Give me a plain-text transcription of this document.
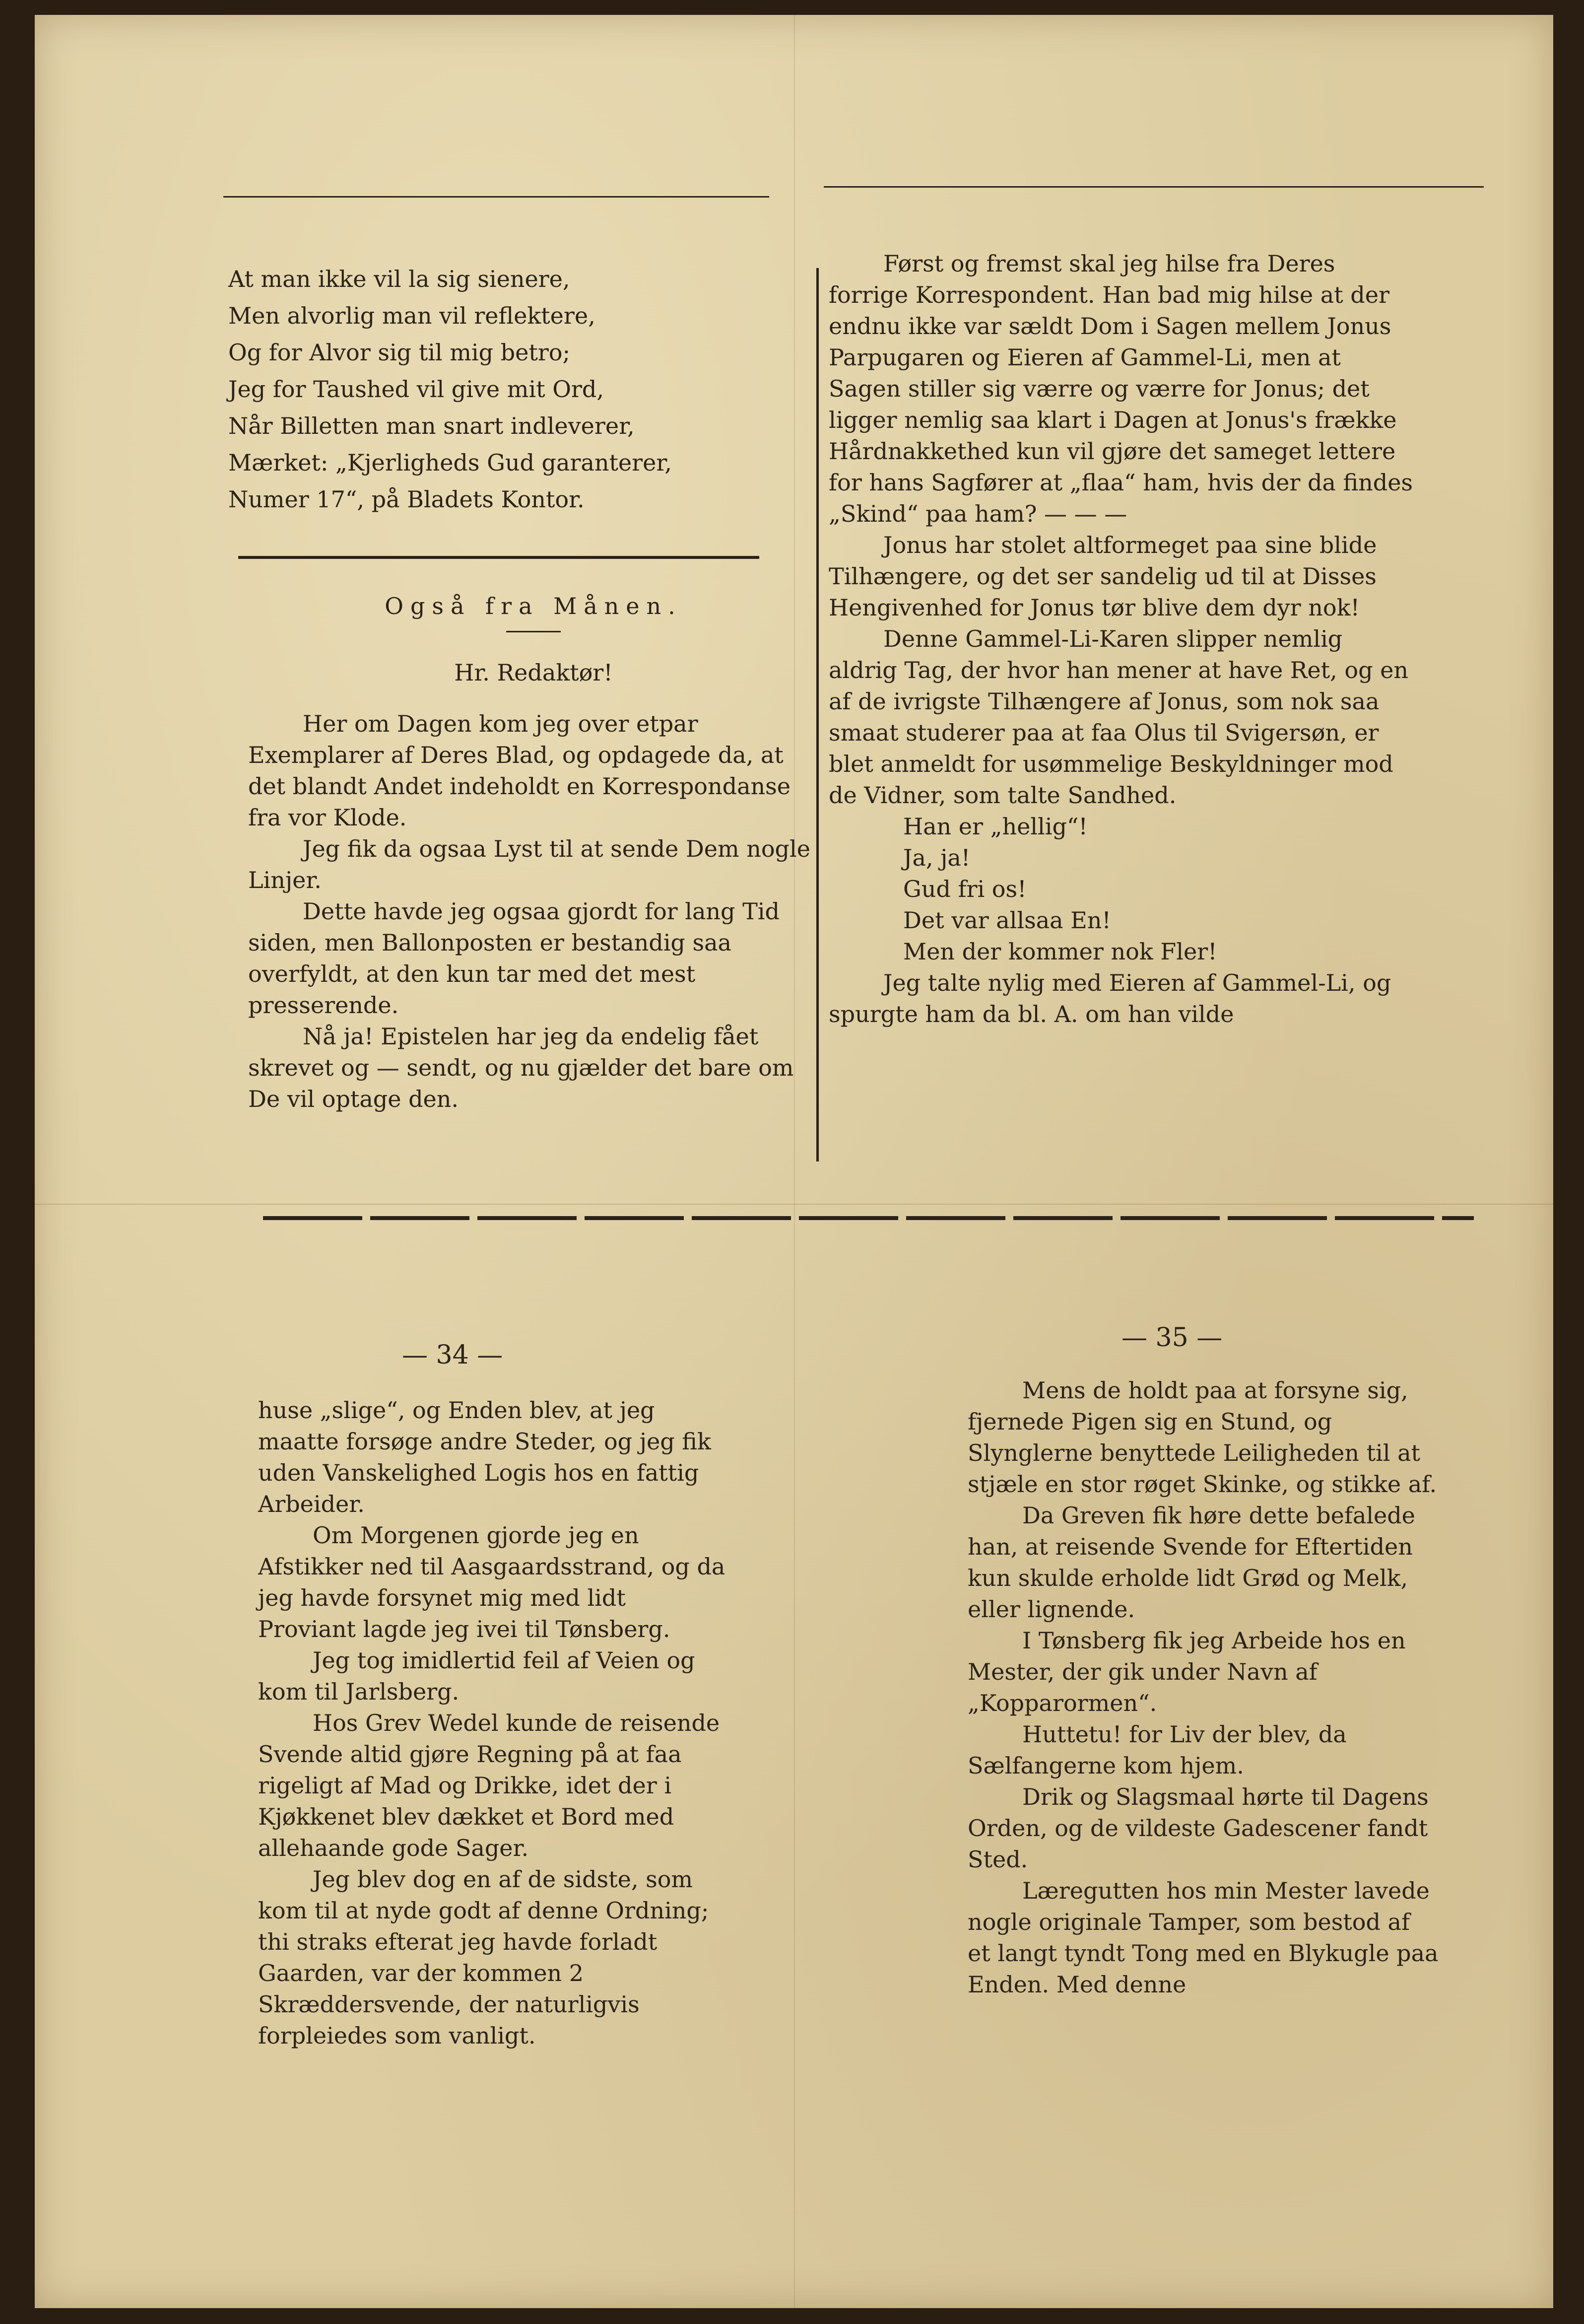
At man ikke vil la sig sienere,

Men alvorlig man vil reflektere,

Og for Alvor sig til mig betro;

Jeg for Taushed vil give mit Ord,

Når Billetten man snart indleverer,

Mærket: „Kjerligheds Gud garanterer,

Numer 17“, på Bladets Kontor.

Også fra Månen.

Hr. Redaktør!

Her om Dagen kom jeg over etpar Exemplarer af Deres Blad, og opdagede da, at det blandt Andet indeholdt en Korrespondanse fra vor Klode.

Jeg fik da ogsaa Lyst til at sende Dem nogle Linjer.

Dette havde jeg ogsaa gjordt for lang Tid siden, men Ballonposten er bestandig saa overfyldt, at den kun tar med det mest presserende.

Nå ja! Epistelen har jeg da endelig fået skrevet og — sendt, og nu gjælder det bare om De vil optage den.

Først og fremst skal jeg hilse fra Deres forrige Korrespondent. Han bad mig hilse at der endnu ikke var sældt Dom i Sagen mellem Jonus Parpugaren og Eieren af Gammel-Li, men at Sagen stiller sig værre og værre for Jonus; det ligger nemlig saa klart i Dagen at Jonus's frække Hårdnakkethed kun vil gjøre det sameget lettere for hans Sagfører at „flaa“ ham, hvis der da findes „Skind“ paa ham? — — —

Jonus har stolet altformeget paa sine blide Tilhængere, og det ser sandelig ud til at Disses Hengivenhed for Jonus tør blive dem dyr nok!

Denne Gammel-Li-Karen slipper nemlig aldrig Tag, der hvor han mener at have Ret, og en af de ivrigste Tilhængere af Jonus, som nok saa smaat studerer paa at faa Olus til Svigersøn, er blet anmeldt for usømmelige Beskyldninger mod de Vidner, som talte Sandhed.

Han er „hellig“!

Ja, ja!

Gud fri os!

Det var allsaa En!

Men der kommer nok Fler!

Jeg talte nylig med Eieren af Gammel-Li, og spurgte ham da bl. A. om han vilde

— 34 —

huse „slige“, og Enden blev, at jeg maatte forsøge andre Steder, og jeg fik uden Vanskelighed Logis hos en fattig Arbeider.

Om Morgenen gjorde jeg en Afstikker ned til Aasgaardsstrand, og da jeg havde forsynet mig med lidt Proviant lagde jeg ivei til Tønsberg.

Jeg tog imidlertid feil af Veien og kom til Jarlsberg.

Hos Grev Wedel kunde de reisende Svende altid gjøre Regning på at faa rigeligt af Mad og Drikke, idet der i Kjøkkenet blev dækket et Bord med allehaande gode Sager.

Jeg blev dog en af de sidste, som kom til at nyde godt af denne Ordning; thi straks efterat jeg havde forladt Gaarden, var der kommen 2 Skræddersvende, der naturligvis forpleiedes som vanligt.

— 35 —

Mens de holdt paa at forsyne sig, fjernede Pigen sig en Stund, og Slynglerne benyttede Leiligheden til at stjæle en stor røget Skinke, og stikke af.

Da Greven fik høre dette befalede han, at reisende Svende for Eftertiden kun skulde erholde lidt Grød og Melk, eller lignende.

I Tønsberg fik jeg Arbeide hos en Mester, der gik under Navn af „Kopparormen“.

Huttetu! for Liv der blev, da Sælfangerne kom hjem.

Drik og Slagsmaal hørte til Dagens Orden, og de vildeste Gadescener fandt Sted.

Læregutten hos min Mester lavede nogle originale Tamper, som bestod af et langt tyndt Tong med en Blykugle paa Enden. Med denne
